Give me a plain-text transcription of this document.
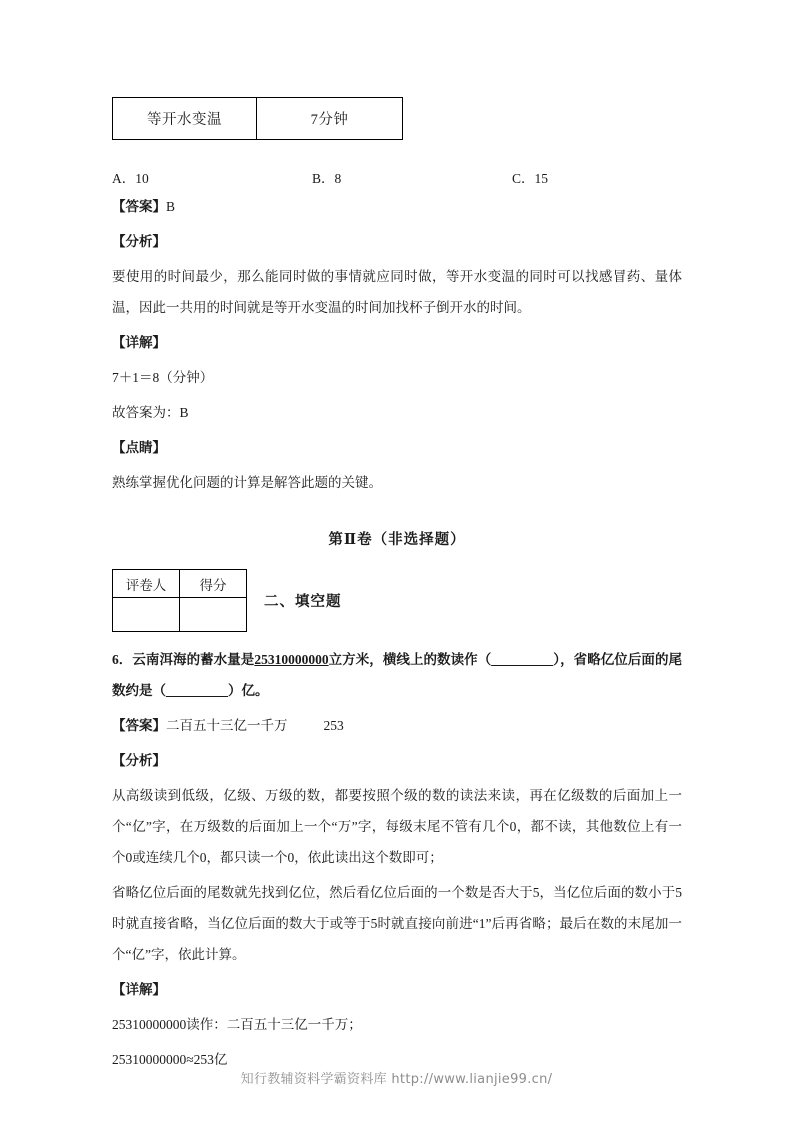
等开水变温	7分钟
A．10	B．8	C．15
【答案】B
【分析】
要使用的时间最少，那么能同时做的事情就应同时做，等开水变温的同时可以找感冒药、量体温，因此一共用的时间就是等开水变温的时间加找杯子倒开水的时间。
【详解】
7＋1＝8（分钟）
故答案为：B
【点睛】
熟练掌握优化问题的计算是解答此题的关键。
第Ⅱ卷（非选择题）
评卷人	得分

二、填空题
6．云南洱海的蓄水量是25310000000立方米，横线上的数读作（________），省略亿位后面的尾数约是（________）亿。
【答案】二百五十三亿一千万	253
【分析】
从高级读到低级，亿级、万级的数，都要按照个级的数的读法来读，再在亿级数的后面加上一个“亿”字，在万级数的后面加上一个“万”字，每级末尾不管有几个0，都不读，其他数位上有一个0或连续几个0，都只读一个0，依此读出这个数即可；
省略亿位后面的尾数就先找到亿位，然后看亿位后面的一个数是否大于5，当亿位后面的数小于5时就直接省略，当亿位后面的数大于或等于5时就直接向前进“1”后再省略；最后在数的末尾加一个“亿”字，依此计算。
【详解】
25310000000读作：二百五十三亿一千万；
25310000000≈253亿
知行教辅资料学霸资料库 http://www.lianjie99.cn/
